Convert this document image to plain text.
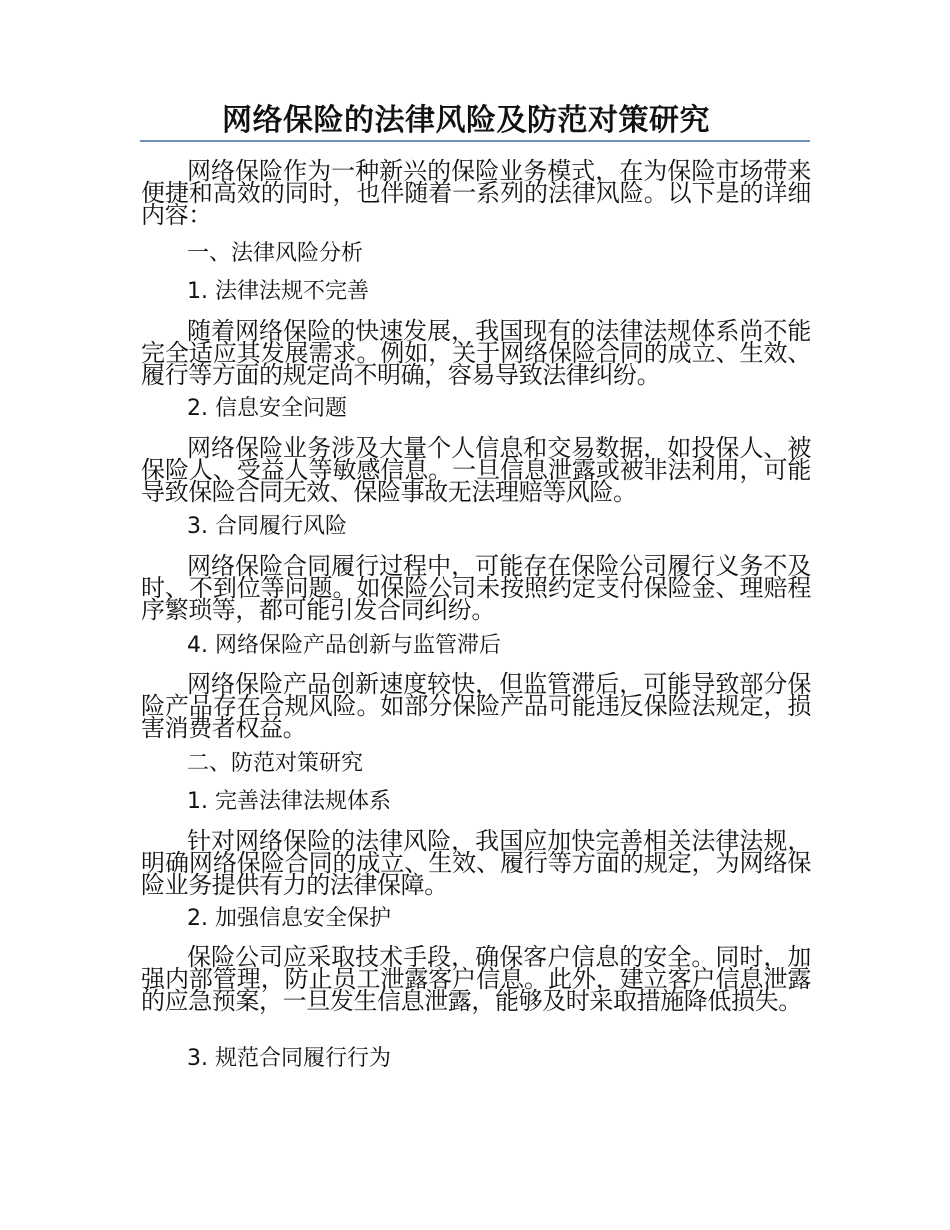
网络保险的法律风险及防范对策研究

网络保险作为一种新兴的保险业务模式，在为保险市场带来便捷和高效的同时，也伴随着一系列的法律风险。以下是的详细内容：

一、法律风险分析

1. 法律法规不完善

随着网络保险的快速发展，我国现有的法律法规体系尚不能完全适应其发展需求。例如，关于网络保险合同的成立、生效、履行等方面的规定尚不明确，容易导致法律纠纷。

2. 信息安全问题

网络保险业务涉及大量个人信息和交易数据，如投保人、被保险人、受益人等敏感信息。一旦信息泄露或被非法利用，可能导致保险合同无效、保险事故无法理赔等风险。

3. 合同履行风险

网络保险合同履行过程中，可能存在保险公司履行义务不及时、不到位等问题。如保险公司未按照约定支付保险金、理赔程序繁琐等，都可能引发合同纠纷。

4. 网络保险产品创新与监管滞后

网络保险产品创新速度较快，但监管滞后，可能导致部分保险产品存在合规风险。如部分保险产品可能违反保险法规定，损害消费者权益。

二、防范对策研究

1. 完善法律法规体系

针对网络保险的法律风险，我国应加快完善相关法律法规，明确网络保险合同的成立、生效、履行等方面的规定，为网络保险业务提供有力的法律保障。

2. 加强信息安全保护

保险公司应采取技术手段，确保客户信息的安全。同时，加强内部管理，防止员工泄露客户信息。此外，建立客户信息泄露的应急预案，一旦发生信息泄露，能够及时采取措施降低损失。

3. 规范合同履行行为
